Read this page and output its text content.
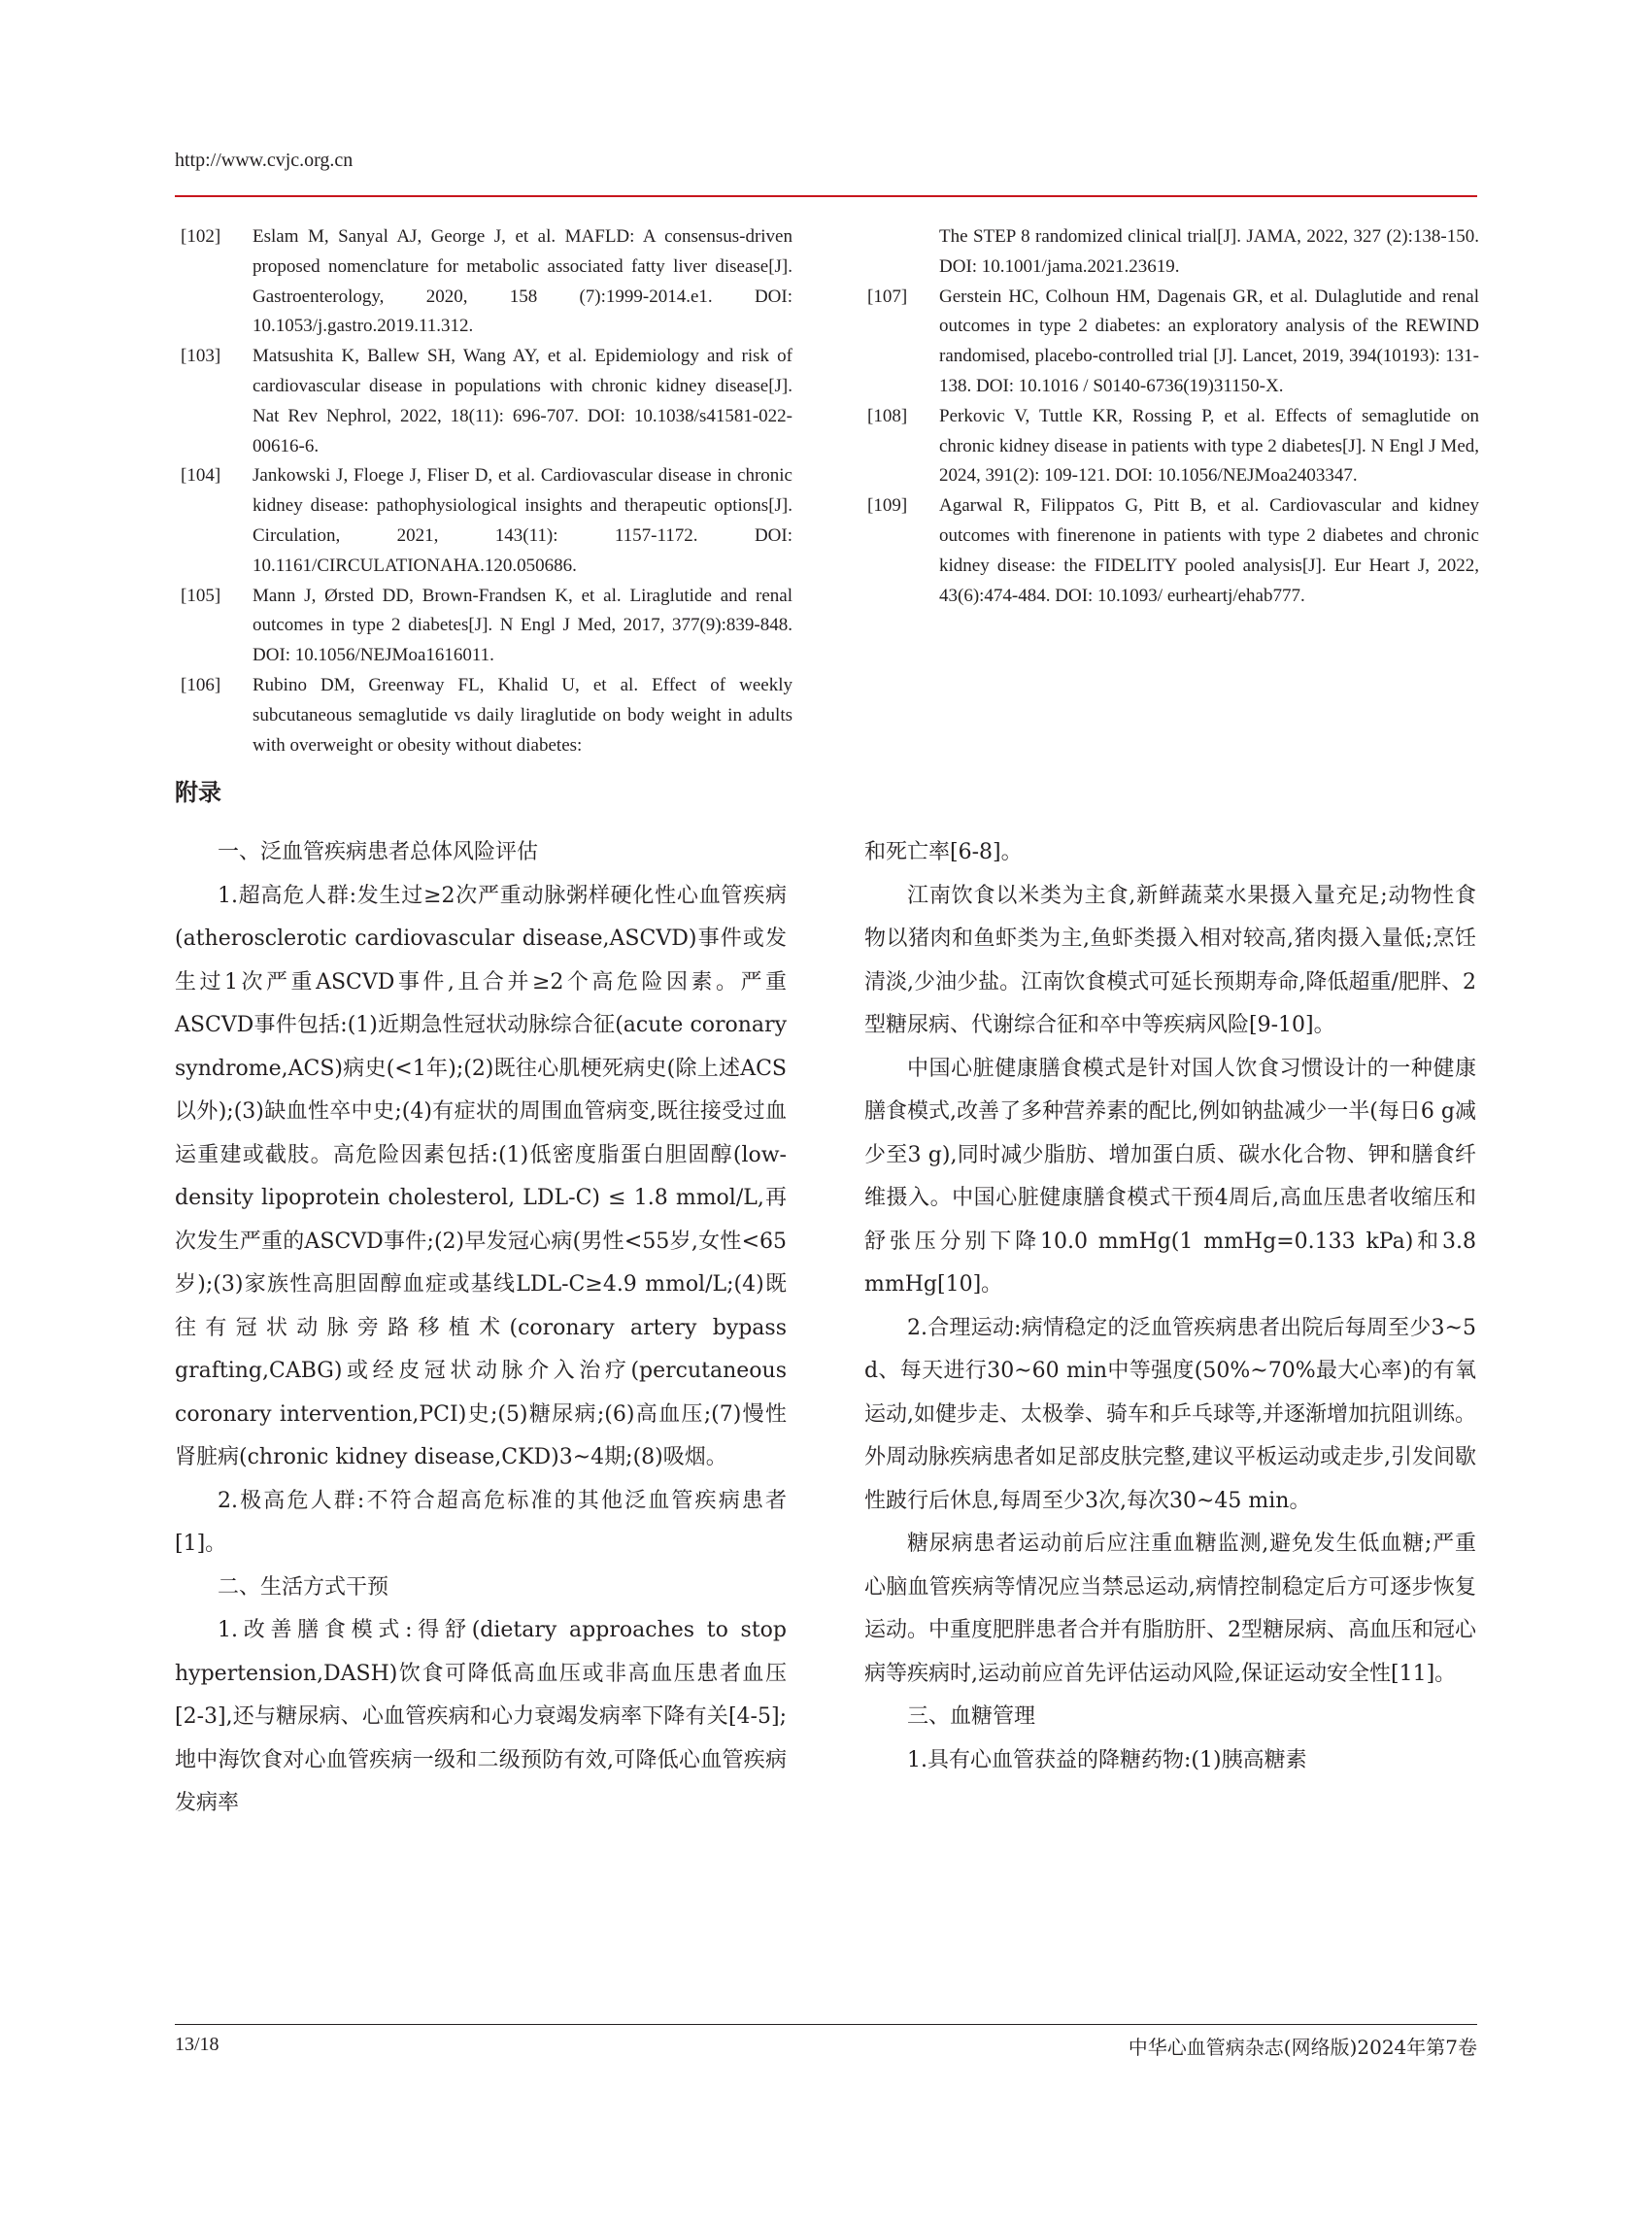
http://www.cvjc.org.cn
[102]	Eslam M, Sanyal AJ, George J, et al. MAFLD: A consensus-driven proposed nomenclature for metabolic associated fatty liver disease[J]. Gastroenterology, 2020, 158 (7):1999-2014.e1. DOI: 10.1053/j.gastro.2019.11.312.
[103]	Matsushita K, Ballew SH, Wang AY, et al. Epidemiology and risk of cardiovascular disease in populations with chronic kidney disease[J]. Nat Rev Nephrol, 2022, 18(11): 696-707. DOI: 10.1038/s41581-022-00616-6.
[104]	Jankowski J, Floege J, Fliser D, et al. Cardiovascular disease in chronic kidney disease: pathophysiological insights and therapeutic options[J]. Circulation, 2021, 143(11): 1157-1172. DOI: 10.1161/CIRCULATIONAHA.120.050686.
[105]	Mann J, Ørsted DD, Brown-Frandsen K, et al. Liraglutide and renal outcomes in type 2 diabetes[J]. N Engl J Med, 2017, 377(9):839-848. DOI: 10.1056/NEJMoa1616011.
[106]	Rubino DM, Greenway FL, Khalid U, et al. Effect of weekly subcutaneous semaglutide vs daily liraglutide on body weight in adults with overweight or obesity without diabetes:
The STEP 8 randomized clinical trial[J]. JAMA, 2022, 327 (2):138-150. DOI: 10.1001/jama.2021.23619.
[107]	Gerstein HC, Colhoun HM, Dagenais GR, et al. Dulaglutide and renal outcomes in type 2 diabetes: an exploratory analysis of the REWIND randomised, placebo-controlled trial [J]. Lancet, 2019, 394(10193): 131-138. DOI: 10.1016 / S0140-6736(19)31150-X.
[108]	Perkovic V, Tuttle KR, Rossing P, et al. Effects of semaglutide on chronic kidney disease in patients with type 2 diabetes[J]. N Engl J Med, 2024, 391(2): 109-121. DOI: 10.1056/NEJMoa2403347.
[109]	Agarwal R, Filippatos G, Pitt B, et al. Cardiovascular and kidney outcomes with finerenone in patients with type 2 diabetes and chronic kidney disease: the FIDELITY pooled analysis[J]. Eur Heart J, 2022, 43(6):474-484. DOI: 10.1093/ eurheartj/ehab777.
附录

一、泛血管疾病患者总体风险评估

1.超高危人群:发生过≥2次严重动脉粥样硬化性心血管疾病(atherosclerotic cardiovascular disease,ASCVD)事件或发生过1次严重ASCVD事件,且合并≥2个高危险因素。严重ASCVD事件包括:(1)近期急性冠状动脉综合征(acute coronary syndrome,ACS)病史(<1年);(2)既往心肌梗死病史(除上述ACS以外);(3)缺血性卒中史;(4)有症状的周围血管病变,既往接受过血运重建或截肢。高危险因素包括:(1)低密度脂蛋白胆固醇(low-density lipoprotein cholesterol, LDL-C) ≤ 1.8 mmol/L,再次发生严重的ASCVD事件;(2)早发冠心病(男性<55岁,女性<65岁);(3)家族性高胆固醇血症或基线LDL-C≥4.9 mmol/L;(4)既往有冠状动脉旁路移植术(coronary artery bypass grafting,CABG)或经皮冠状动脉介入治疗(percutaneous coronary intervention,PCI)史;(5)糖尿病;(6)高血压;(7)慢性肾脏病(chronic kidney disease,CKD)3~4期;(8)吸烟。

2.极高危人群:不符合超高危标准的其他泛血管疾病患者[1]。

二、生活方式干预

1.改善膳食模式:得舒(dietary approaches to stop hypertension,DASH)饮食可降低高血压或非高血压患者血压[2-3],还与糖尿病、心血管疾病和心力衰竭发病率下降有关[4-5];地中海饮食对心血管疾病一级和二级预防有效,可降低心血管疾病发病率

和死亡率[6-8]。

江南饮食以米类为主食,新鲜蔬菜水果摄入量充足;动物性食物以猪肉和鱼虾类为主,鱼虾类摄入相对较高,猪肉摄入量低;烹饪清淡,少油少盐。江南饮食模式可延长预期寿命,降低超重/肥胖、2型糖尿病、代谢综合征和卒中等疾病风险[9-10]。

中国心脏健康膳食模式是针对国人饮食习惯设计的一种健康膳食模式,改善了多种营养素的配比,例如钠盐减少一半(每日6 g减少至3 g),同时减少脂肪、增加蛋白质、碳水化合物、钾和膳食纤维摄入。中国心脏健康膳食模式干预4周后,高血压患者收缩压和舒张压分别下降10.0 mmHg(1 mmHg=0.133 kPa)和3.8 mmHg[10]。

2.合理运动:病情稳定的泛血管疾病患者出院后每周至少3~5 d、每天进行30~60 min中等强度(50%~70%最大心率)的有氧运动,如健步走、太极拳、骑车和乒乓球等,并逐渐增加抗阻训练。外周动脉疾病患者如足部皮肤完整,建议平板运动或走步,引发间歇性跛行后休息,每周至少3次,每次30~45 min。

糖尿病患者运动前后应注重血糖监测,避免发生低血糖;严重心脑血管疾病等情况应当禁忌运动,病情控制稳定后方可逐步恢复运动。中重度肥胖患者合并有脂肪肝、2型糖尿病、高血压和冠心病等疾病时,运动前应首先评估运动风险,保证运动安全性[11]。

三、血糖管理

1.具有心血管获益的降糖药物:(1)胰高糖素

13/18	中华心血管病杂志(网络版)2024年第7卷
